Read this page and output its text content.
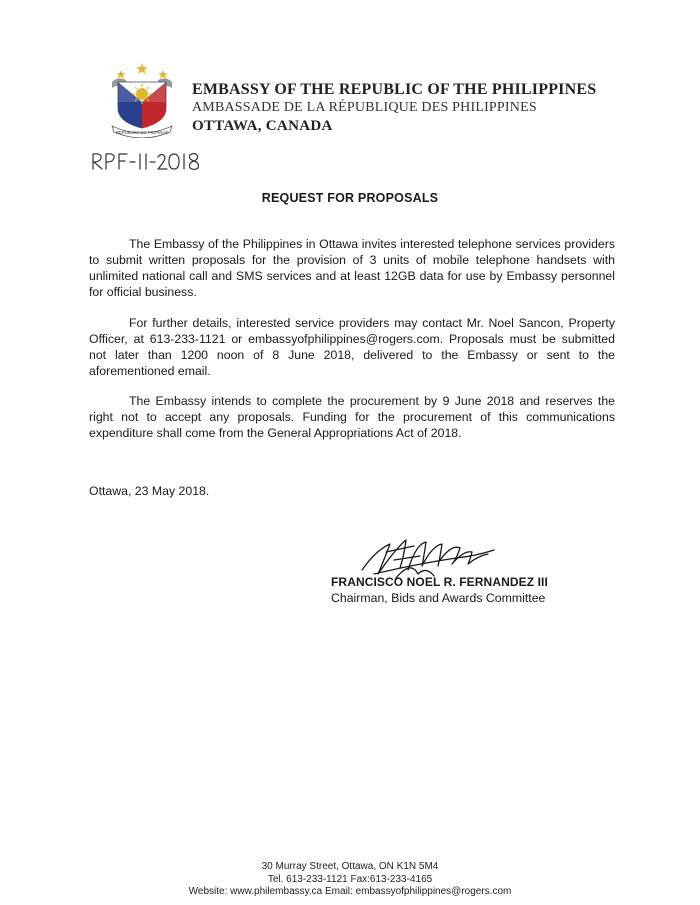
REPUBLIKA NG PILIPINAS
EMBASSY OF THE REPUBLIC OF THE PHILIPPINES
AMBASSADE DE LA RÉPUBLIQUE DES PHILIPPINES
OTTAWA, CANADA
REQUEST FOR PROPOSALS
The Embassy of the Philippines in Ottawa invites interested telephone services providers to submit written proposals for the provision of 3 units of mobile telephone handsets with unlimited national call and SMS services and at least 12GB data for use by Embassy personnel for official business.
For further details, interested service providers may contact Mr. Noel Sancon, Property Officer, at 613-233-1121 or embassyofphilippines@rogers.com. Proposals must be submitted not later than 1200 noon of 8 June 2018, delivered to the Embassy or sent to the aforementioned email.
The Embassy intends to complete the procurement by 9 June 2018 and reserves the right not to accept any proposals. Funding for the procurement of this communications expenditure shall come from the General Appropriations Act of 2018.
Ottawa, 23 May 2018.
FRANCISCO NOEL R. FERNANDEZ III
Chairman, Bids and Awards Committee
30 Murray Street, Ottawa, ON K1N 5M4
Tel. 613-233-1121 Fax:613-233-4165
Website: www.philembassy.ca Email: embassyofphilippines@rogers.com
